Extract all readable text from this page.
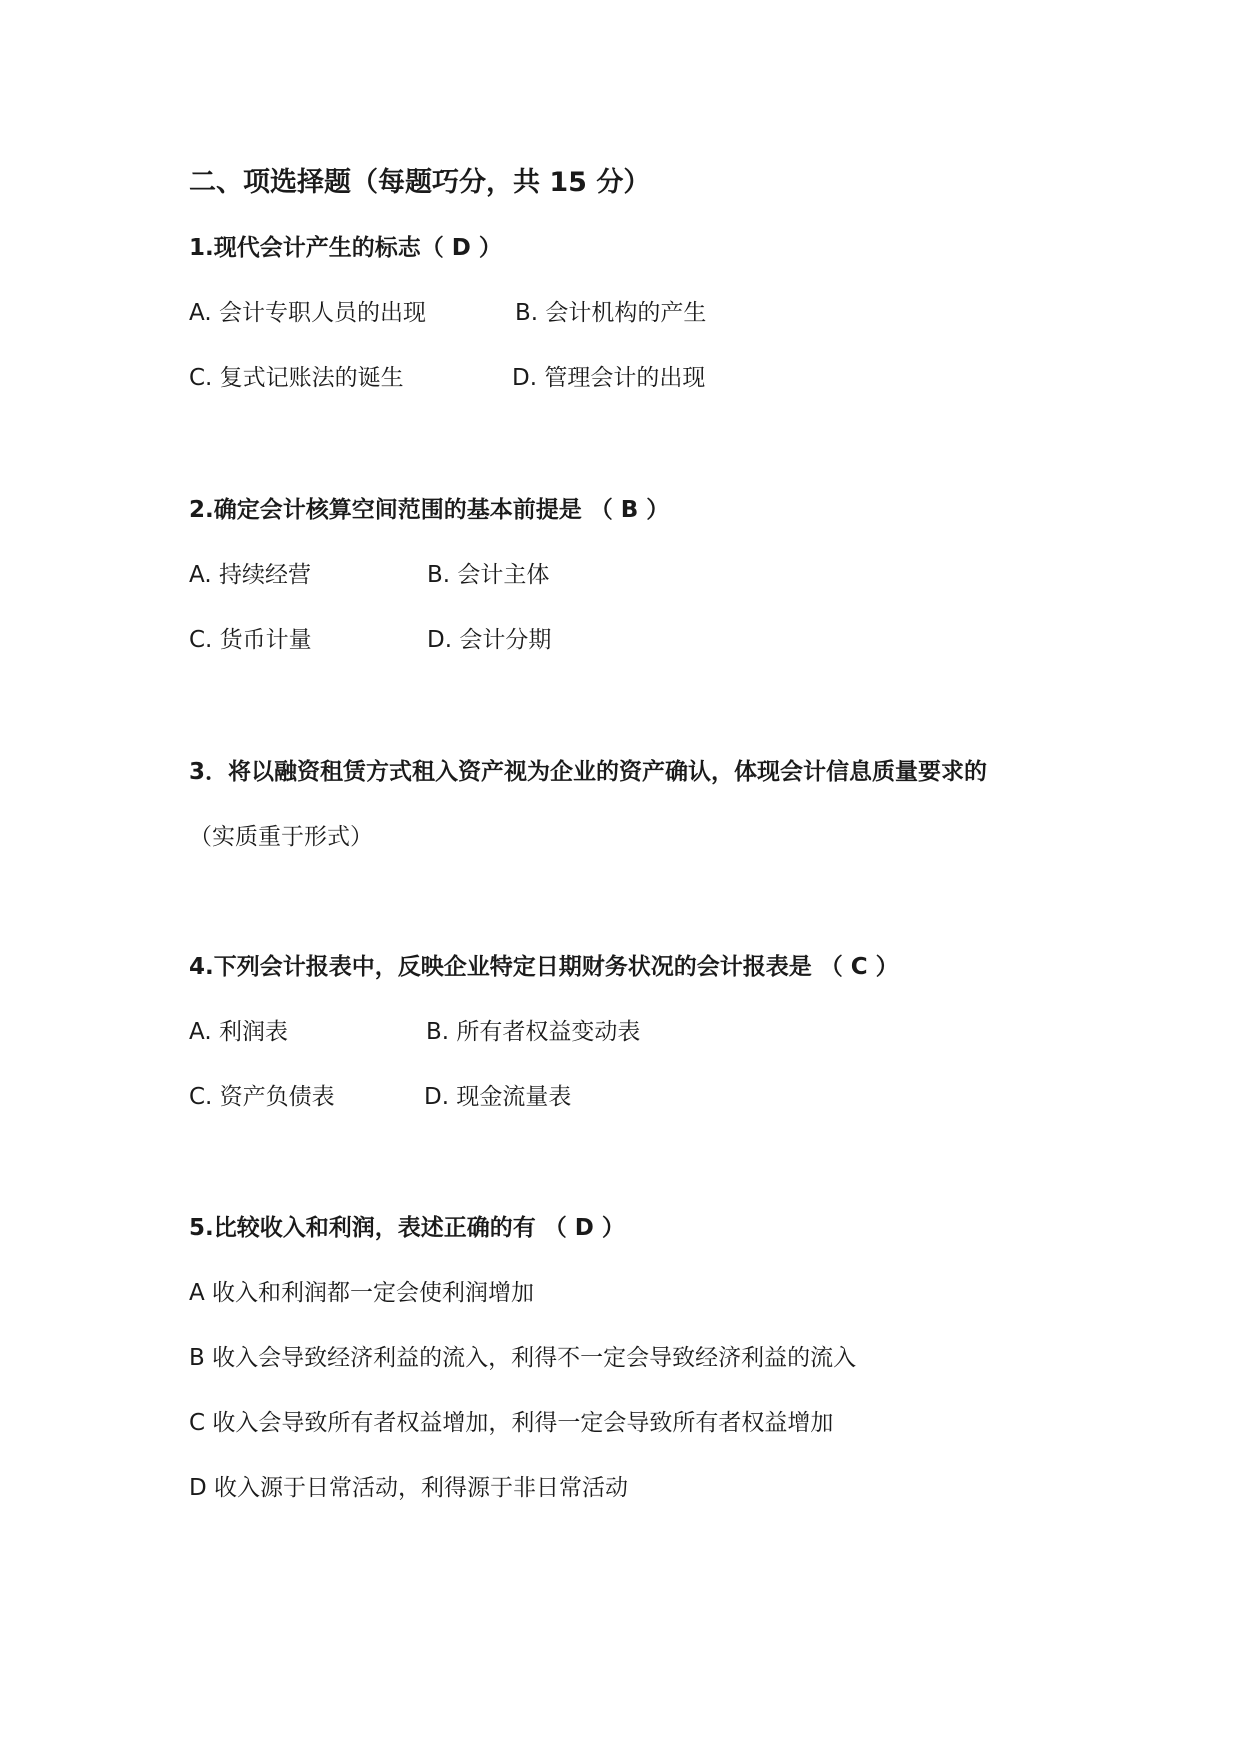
二、项选择题（每题巧分，共 15 分）
1.现代会计产生的标志（ D ）
A. 会计专职人员的出现	B. 会计机构的产生
C. 复式记账法的诞生	D. 管理会计的出现
2.确定会计核算空间范围的基本前提是 （ B ）
A. 持续经营	B. 会计主体
C. 货币计量	D. 会计分期
3．将以融资租赁方式租入资产视为企业的资产确认，体现会计信息质量要求的
（实质重于形式）
4.下列会计报表中，反映企业特定日期财务状况的会计报表是 （ C ）
A. 利润表	B. 所有者权益变动表
C. 资产负债表	D. 现金流量表
5.比较收入和利润，表述正确的有 （ D ）
A 收入和利润都一定会使利润增加
B 收入会导致经济利益的流入，利得不一定会导致经济利益的流入
C 收入会导致所有者权益增加，利得一定会导致所有者权益增加
D 收入源于日常活动，利得源于非日常活动
